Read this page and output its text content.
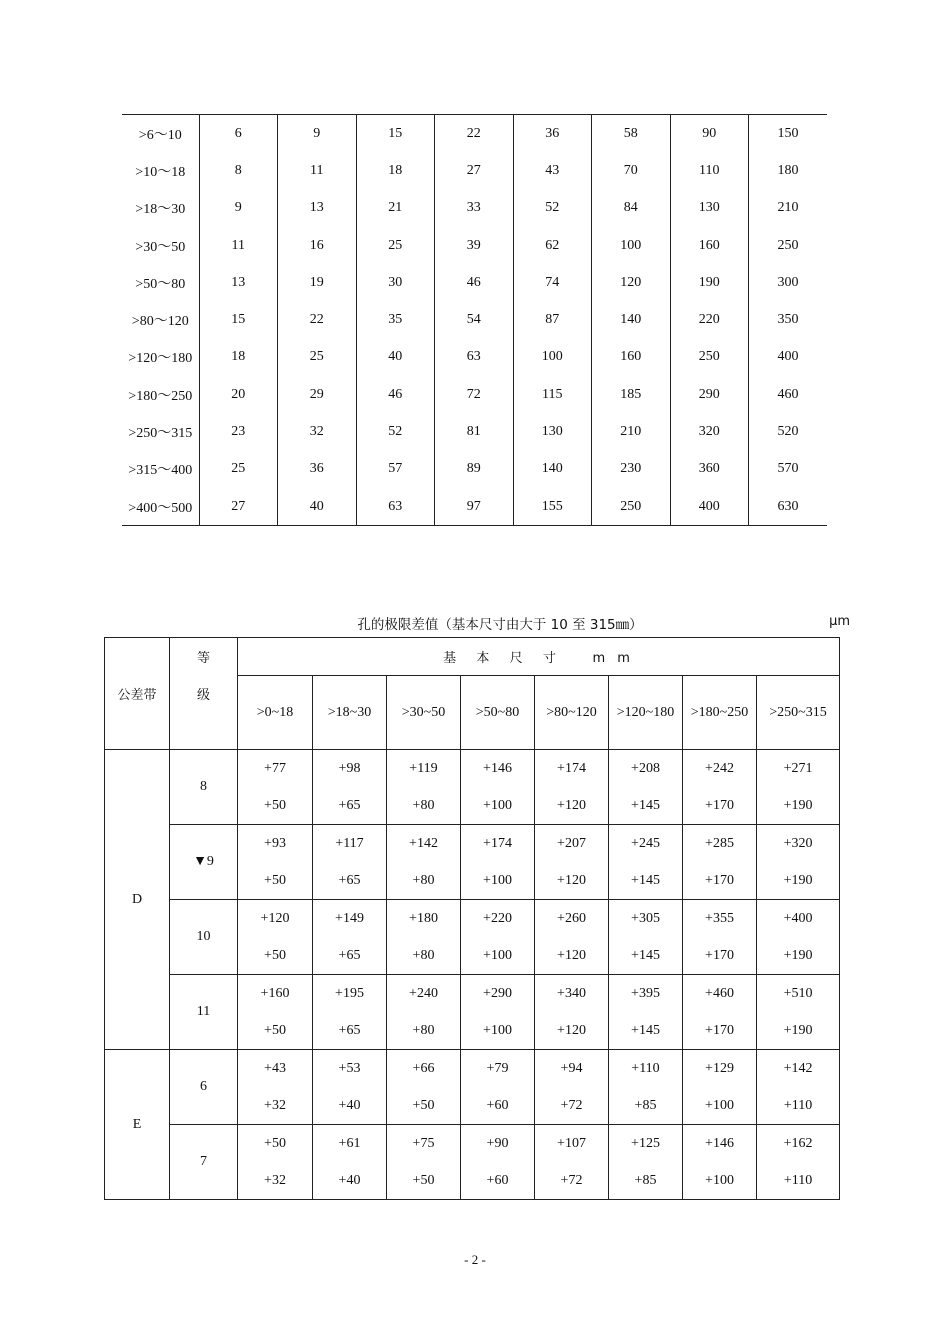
>6～10	6	9	15	22	36	58	90	150
>10～18	8	11	18	27	43	70	110	180
>18～30	9	13	21	33	52	84	130	210
>30～50	11	16	25	39	62	100	160	250
>50～80	13	19	30	46	74	120	190	300
>80～120	15	22	35	54	87	140	220	350
>120～180	18	25	40	63	100	160	250	400
>180～250	20	29	46	72	115	185	290	460
>250～315	23	32	52	81	130	210	320	520
>315～400	25	36	57	89	140	230	360	570
>400～500	27	40	63	97	155	250	400	630
孔的极限差值（基本尺寸由大于 10 至 315㎜）	μm
公差带	等	基  本  尺  寸    m m							
	级	>0~18	>18~30	>30~50	>50~80	>80~120	>120~180	>180~250	>250~315
D	8	+77	+98	+119	+146	+174	+208	+242	+271
		+50	+65	+80	+100	+120	+145	+170	+190
	▼9	+93	+117	+142	+174	+207	+245	+285	+320
		+50	+65	+80	+100	+120	+145	+170	+190
	10	+120	+149	+180	+220	+260	+305	+355	+400
		+50	+65	+80	+100	+120	+145	+170	+190
	11	+160	+195	+240	+290	+340	+395	+460	+510
		+50	+65	+80	+100	+120	+145	+170	+190
E	6	+43	+53	+66	+79	+94	+110	+129	+142
		+32	+40	+50	+60	+72	+85	+100	+110
	7	+50	+61	+75	+90	+107	+125	+146	+162
		+32	+40	+50	+60	+72	+85	+100	+110
- 2 -
